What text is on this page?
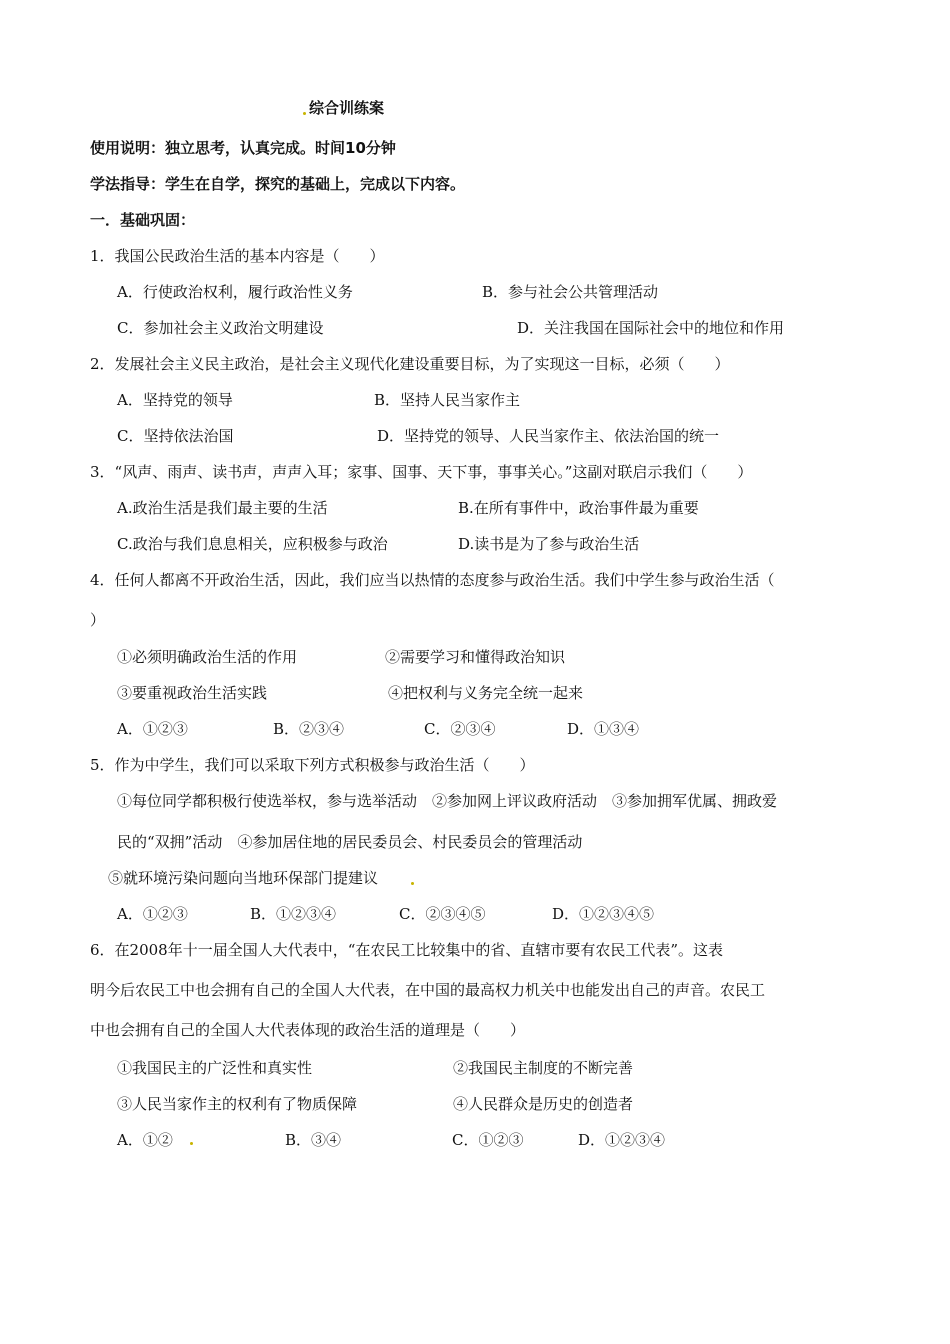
综合训练案
使用说明：独立思考，认真完成。时间10分钟
学法指导：学生在自学，探究的基础上，完成以下内容。
一．基础巩固：
1．我国公民政治生活的基本内容是（　　）
A．行使政治权利，履行政治性义务	B．参与社会公共管理活动
C．参加社会主义政治文明建设	D．关注我国在国际社会中的地位和作用
2．发展社会主义民主政治，是社会主义现代化建设重要目标，为了实现这一目标，必须（　　）
A．坚持党的领导	B．坚持人民当家作主
C．坚持依法治国	D．坚持党的领导、人民当家作主、依法治国的统一
3．“风声、雨声、读书声，声声入耳；家事、国事、天下事，事事关心。”这副对联启示我们（　　）
A.政治生活是我们最主要的生活	B.在所有事件中，政治事件最为重要
C.政治与我们息息相关，应积极参与政治	D.读书是为了参与政治生活
4．任何人都离不开政治生活，因此，我们应当以热情的态度参与政治生活。我们中学生参与政治生活（
）
①必须明确政治生活的作用	②需要学习和懂得政治知识
③要重视政治生活实践	④把权利与义务完全统一起来
A．①②③	B．②③④	C．②③④	D．①③④
5．作为中学生，我们可以采取下列方式积极参与政治生活（　　）
①每位同学都积极行使选举权，参与选举活动　②参加网上评议政府活动　③参加拥军优属、拥政爱
民的“双拥”活动　④参加居住地的居民委员会、村民委员会的管理活动
⑤就环境污染问题向当地环保部门提建议
A．①②③	B．①②③④	C．②③④⑤	D．①②③④⑤
6．在2008年十一届全国人大代表中，“在农民工比较集中的省、直辖市要有农民工代表”。这表
明今后农民工中也会拥有自己的全国人大代表，在中国的最高权力机关中也能发出自己的声音。农民工
中也会拥有自己的全国人大代表体现的政治生活的道理是（　　）
①我国民主的广泛性和真实性	②我国民主制度的不断完善
③人民当家作主的权利有了物质保障	④人民群众是历史的创造者
A．①②	B．③④	C．①②③	D．①②③④
